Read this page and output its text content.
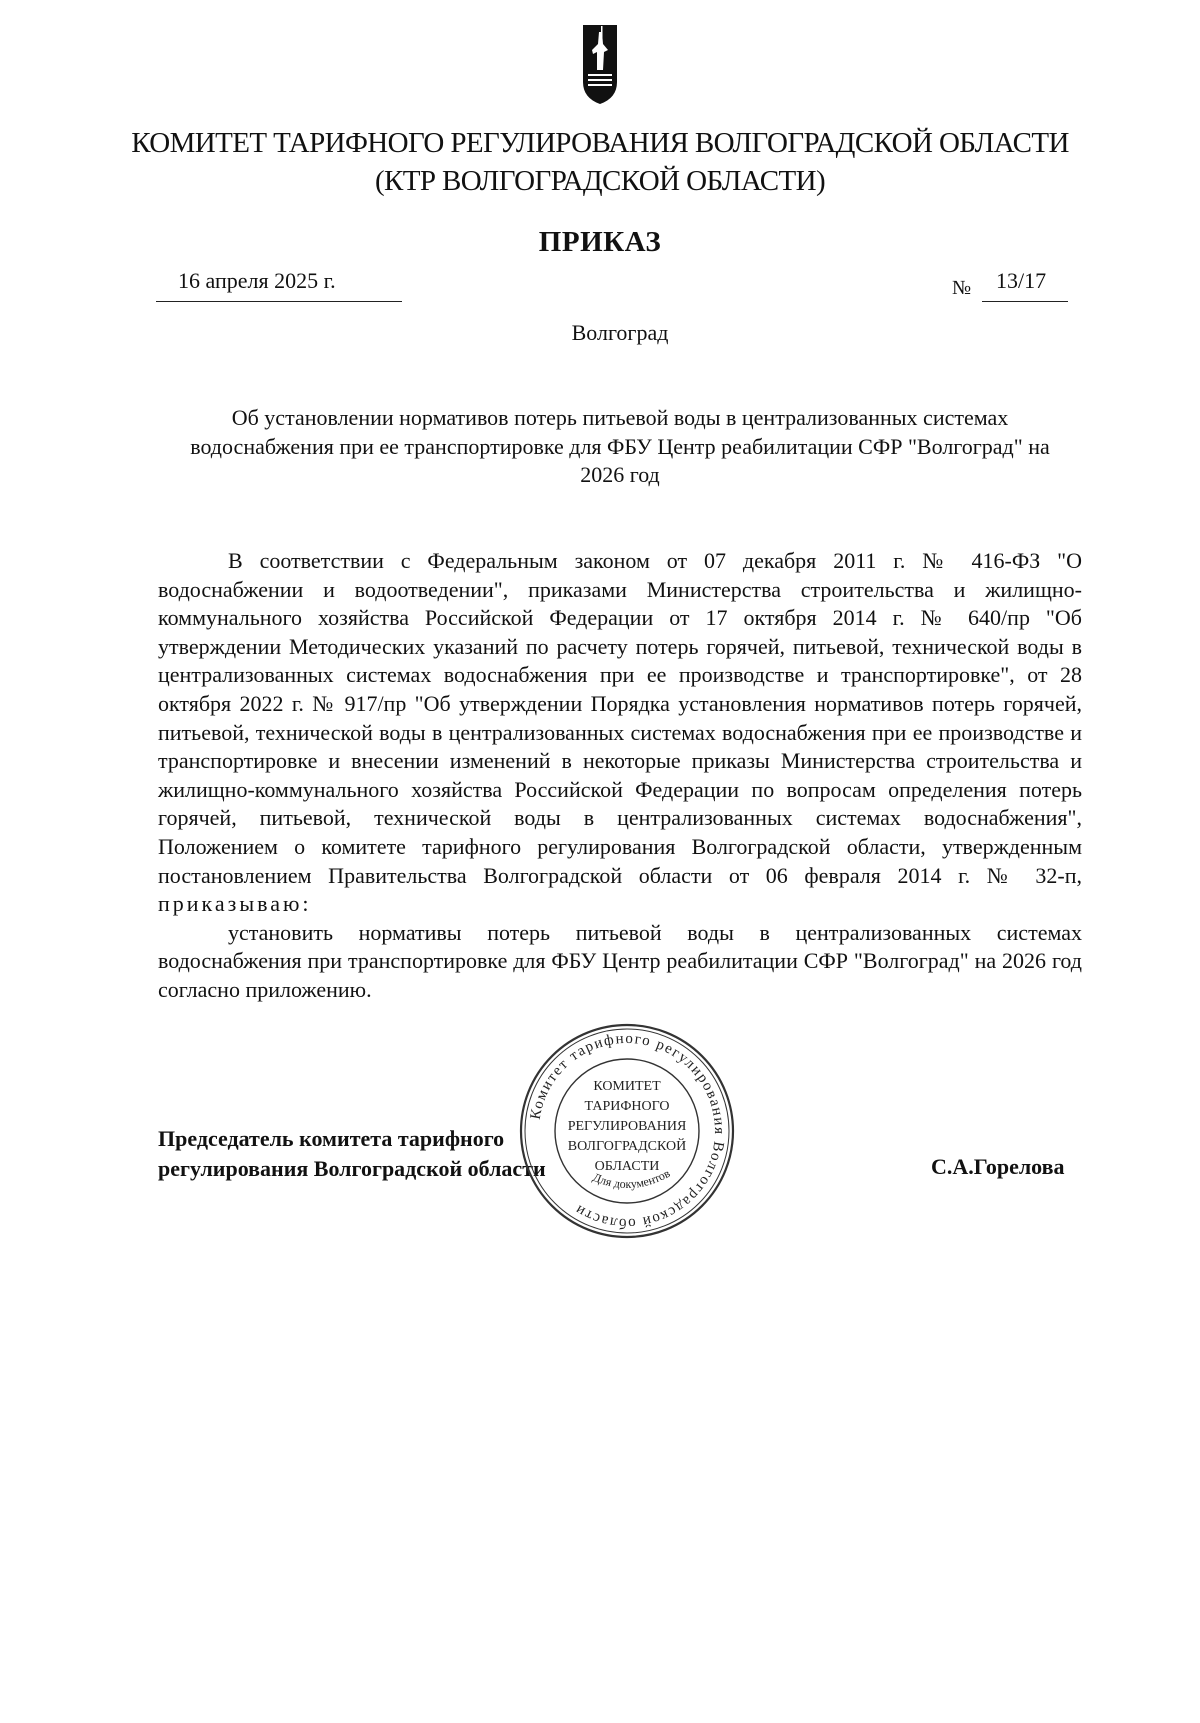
КОМИТЕТ ТАРИФНОГО РЕГУЛИРОВАНИЯ ВОЛГОГРАДСКОЙ ОБЛАСТИ
(КТР ВОЛГОГРАДСКОЙ ОБЛАСТИ)
ПРИКАЗ
16 апреля 2025 г.	№ 13/17
Волгоград
Об установлении нормативов потерь питьевой воды в централизованных системах водоснабжения при ее транспортировке для ФБУ Центр реабилитации СФР "Волгоград" на 2026 год

В соответствии с Федеральным законом от 07 декабря 2011 г. № 416-ФЗ "О водоснабжении и водоотведении", приказами Министерства строительства и жилищно-коммунального хозяйства Российской Федерации от 17 октября 2014 г. № 640/пр "Об утверждении Методических указаний по расчету потерь горячей, питьевой, технической воды в централизованных системах водоснабжения при ее производстве и транспортировке", от 28 октября 2022 г. № 917/пр "Об утверждении Порядка установления нормативов потерь горячей, питьевой, технической воды в централизованных системах водоснабжения при ее производстве и транспортировке и внесении изменений в некоторые приказы Министерства строительства и жилищно-коммунального хозяйства Российской Федерации по вопросам определения потерь горячей, питьевой, технической воды в централизованных системах водоснабжения", Положением о комитете тарифного регулирования Волгоградской области, утвержденным постановлением Правительства Волгоградской области от 06 февраля 2014 г. № 32-п, приказываю:

установить нормативы потерь питьевой воды в централизованных системах водоснабжения при транспортировке для ФБУ Центр реабилитации СФР "Волгоград" на 2026 год согласно приложению.

Председатель комитета тарифного
регулирования Волгоградской области	С.А.Горелова
Комитет тарифного регулирования Волгоградской области
КОМИТЕТ
ТАРИФНОГО
РЕГУЛИРОВАНИЯ
ВОЛГОГРАДСКОЙ
ОБЛАСТИ
Для документов
